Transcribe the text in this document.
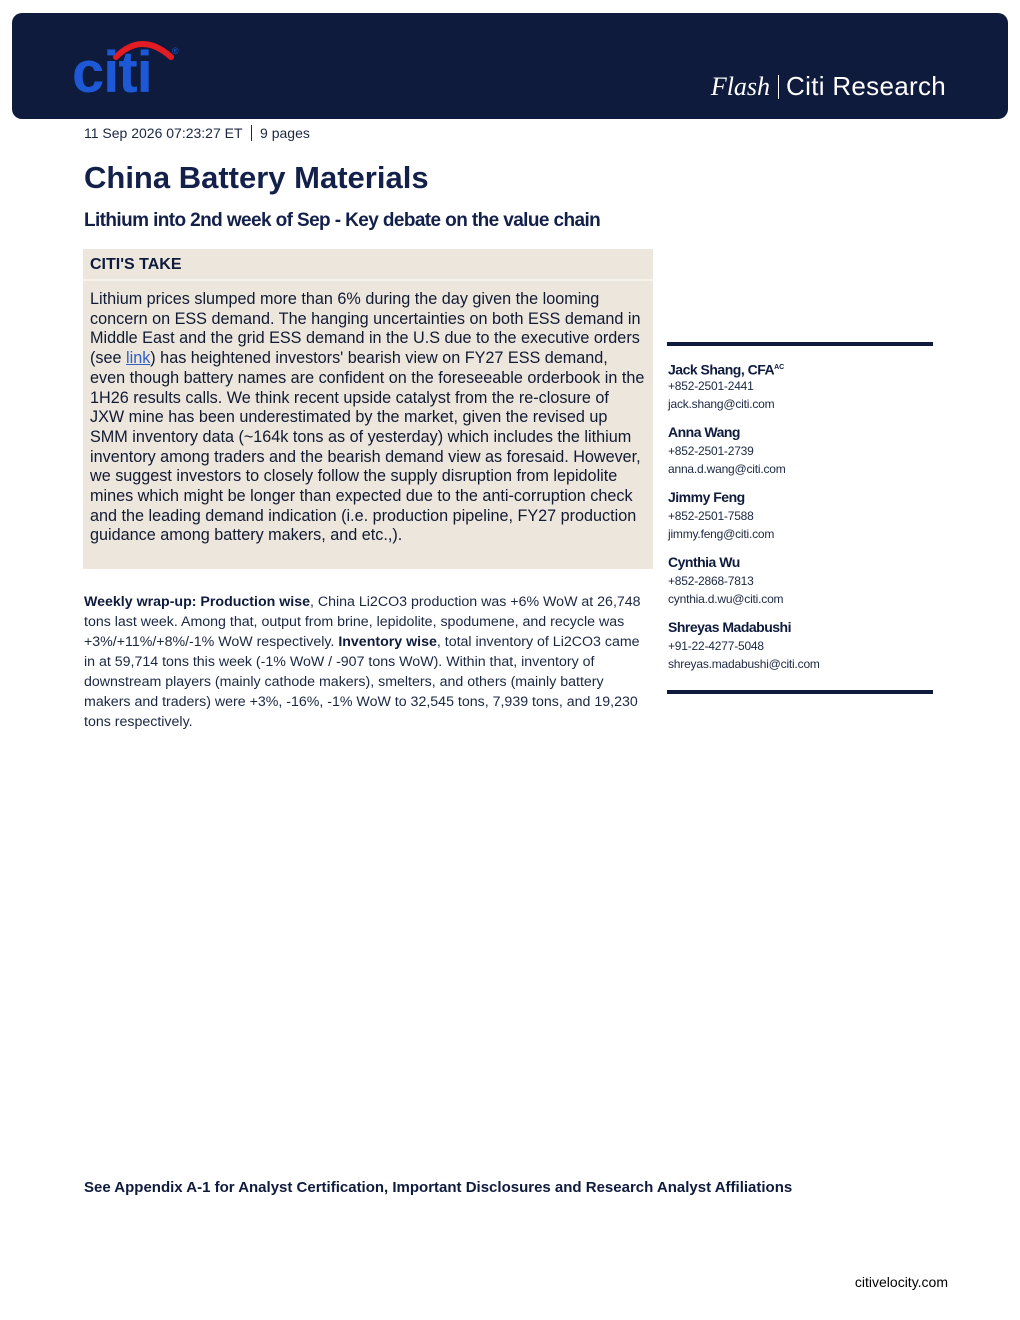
citi ®
Flash Citi Research
11 Sep 2026 07:23:27 ET 9 pages
China Battery Materials
Lithium into 2nd week of Sep - Key debate on the value chain
CITI'S TAKE

Lithium prices slumped more than 6% during the day given the looming concern on ESS demand. The hanging uncertainties on both ESS demand in Middle East and the grid ESS demand in the U.S due to the executive orders (see link) has heightened investors' bearish view on FY27 ESS demand, even though battery names are confident on the foreseeable orderbook in the 1H26 results calls. We think recent upside catalyst from the re-closure of JXW mine has been underestimated by the market, given the revised up SMM inventory data (~164k tons as of yesterday) which includes the lithium inventory among traders and the bearish demand view as foresaid. However, we suggest investors to closely follow the supply disruption from lepidolite mines which might be longer than expected due to the anti-corruption check and the leading demand indication (i.e. production pipeline, FY27 production guidance among battery makers, and etc.,).

Weekly wrap-up: Production wise, China Li2CO3 production was +6% WoW at 26,748 tons last week. Among that, output from brine, lepidolite, spodumene, and recycle was +3%/+11%/+8%/-1% WoW respectively. Inventory wise, total inventory of Li2CO3 came in at 59,714 tons this week (-1% WoW / -907 tons WoW). Within that, inventory of downstream players (mainly cathode makers), smelters, and others (mainly battery makers and traders) were +3%, -16%, -1% WoW to 32,545 tons, 7,939 tons, and 19,230 tons respectively.

Jack Shang, $CFA^{AC}$
+852-2501-2441
jack.shang@citi.com
Anna Wang
+852-2501-2739
anna.d.wang@citi.com
Jimmy Feng
+852-2501-7588
jimmy.feng@citi.com
Cynthia Wu
+852-2868-7813
cynthia.d.wu@citi.com
Shreyas Madabushi
+91-22-4277-5048
shreyas.madabushi@citi.com

See Appendix A-1 for Analyst Certification, Important Disclosures and Research Analyst Affiliations

citivelocity.com
